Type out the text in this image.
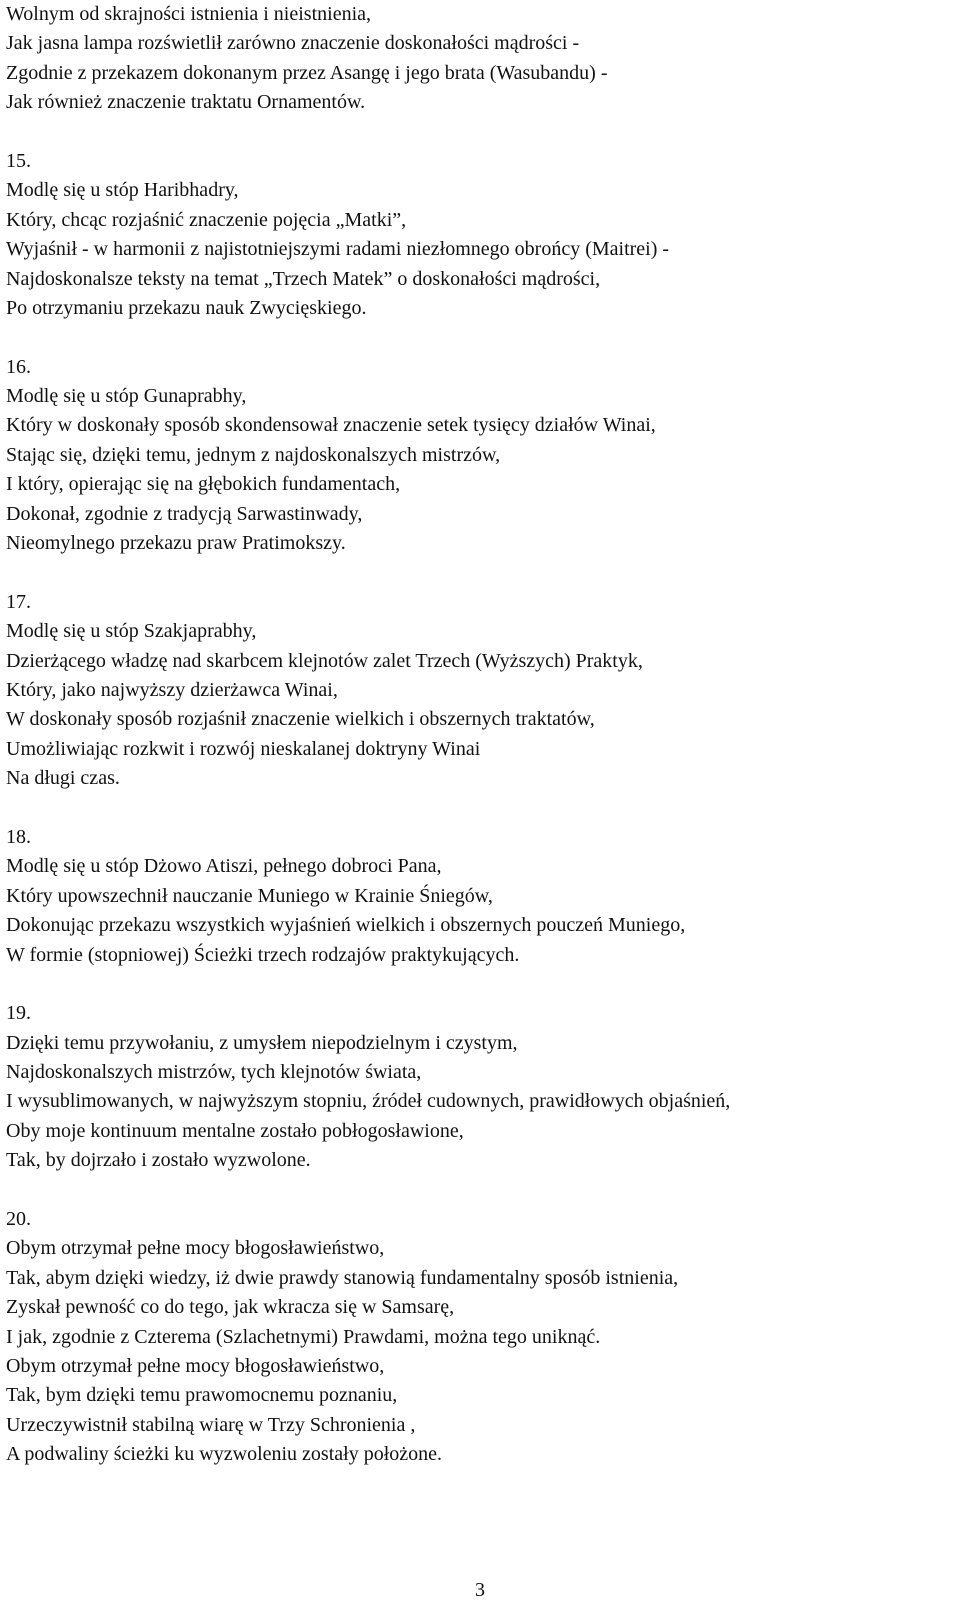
Wolnym od skrajności istnienia i nieistnienia,
Jak jasna lampa rozświetlił zarówno znaczenie doskonałości mądrości -
Zgodnie z przekazem dokonanym przez Asangę i jego brata (Wasubandu) -
Jak również znaczenie traktatu Ornamentów.
15.
Modlę się u stóp Haribhadry,
Który, chcąc rozjaśnić znaczenie pojęcia „Matki”,
Wyjaśnił - w harmonii z najistotniejszymi radami niezłomnego obrońcy (Maitrei) -
Najdoskonalsze teksty na temat „Trzech Matek” o doskonałości mądrości,
Po otrzymaniu przekazu nauk Zwycięskiego.
16.
Modlę się u stóp Gunaprabhy,
Który w doskonały sposób skondensował znaczenie setek tysięcy działów Winai,
Stając się, dzięki temu, jednym z najdoskonalszych mistrzów,
I który, opierając się na głębokich fundamentach,
Dokonał, zgodnie z tradycją Sarwastinwady,
Nieomylnego przekazu praw Pratimokszy.
17.
Modlę się u stóp Szakjaprabhy,
Dzierżącego władzę nad skarbcem klejnotów zalet Trzech (Wyższych) Praktyk,
Który, jako najwyższy dzierżawca Winai,
W doskonały sposób rozjaśnił znaczenie wielkich i obszernych traktatów,
Umożliwiając rozkwit i rozwój nieskalanej doktryny Winai
Na długi czas.
18.
Modlę się u stóp Dżowo Atiszi, pełnego dobroci Pana,
Który upowszechnił nauczanie Muniego w Krainie Śniegów,
Dokonując przekazu wszystkich wyjaśnień wielkich i obszernych pouczeń Muniego,
W formie (stopniowej) Ścieżki trzech rodzajów praktykujących.
19.
Dzięki temu przywołaniu, z umysłem niepodzielnym i czystym,
Najdoskonalszych mistrzów, tych klejnotów świata,
I wysublimowanych, w najwyższym stopniu, źródeł cudownych, prawidłowych objaśnień,
Oby moje kontinuum mentalne zostało pobłogosławione,
Tak, by dojrzało i zostało wyzwolone.
20.
Obym otrzymał pełne mocy błogosławieństwo,
Tak, abym dzięki wiedzy, iż dwie prawdy stanowią fundamentalny sposób istnienia,
Zyskał pewność co do tego, jak wkracza się w Samsarę,
I jak, zgodnie z Czterema (Szlachetnymi) Prawdami, można tego uniknąć.
Obym otrzymał pełne mocy błogosławieństwo,
Tak, bym dzięki temu prawomocnemu poznaniu,
Urzeczywistnił stabilną wiarę w Trzy Schronienia ,
A podwaliny ścieżki ku wyzwoleniu zostały położone.
3
